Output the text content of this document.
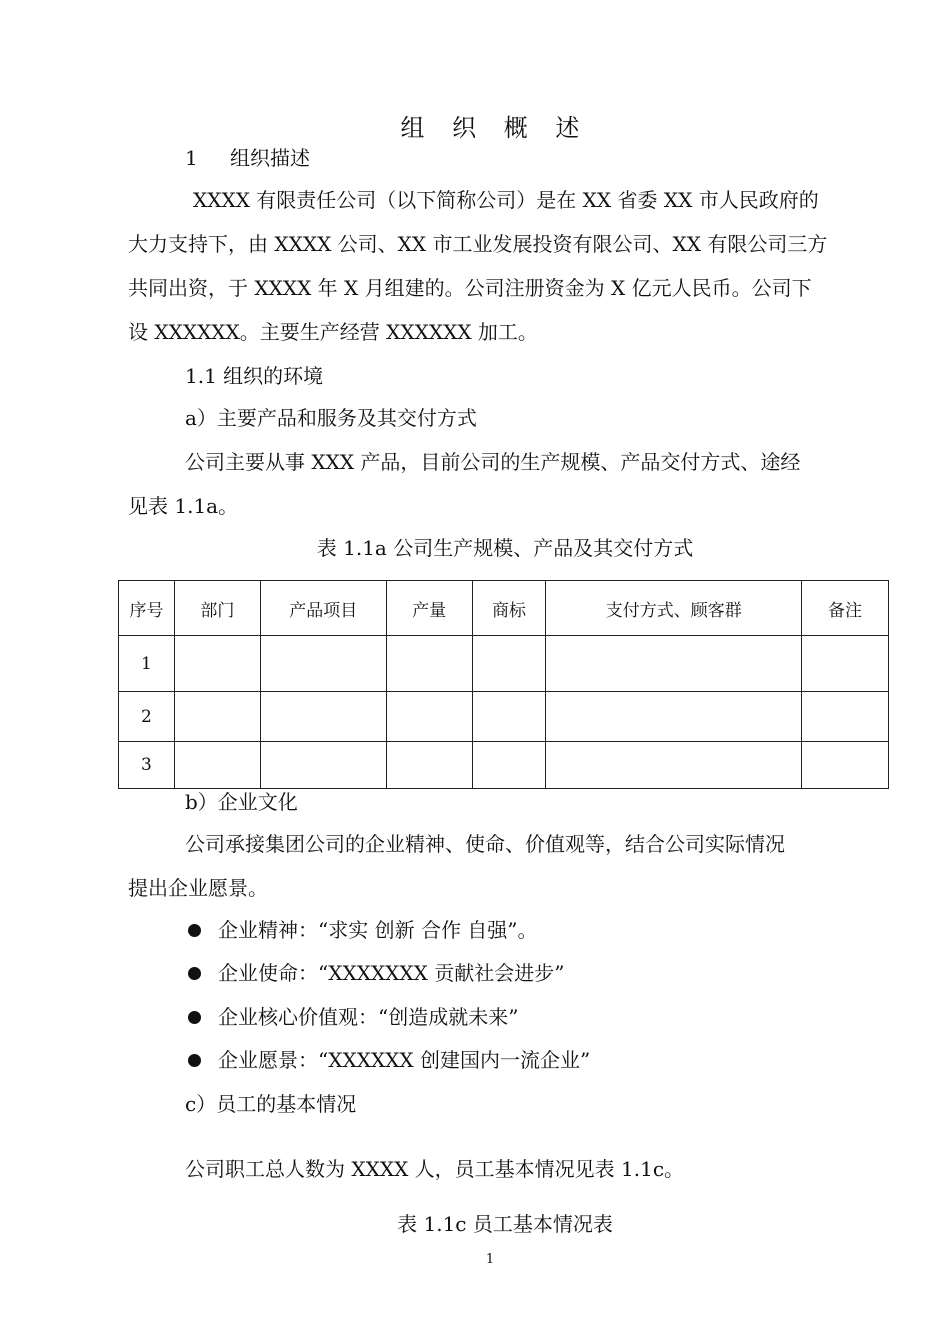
组 织 概 述
1 组织描述
XXXX 有限责任公司（以下简称公司）是在 XX 省委 XX 市人民政府的
大力支持下，由 XXXX 公司、XX 市工业发展投资有限公司、XX 有限公司三方
共同出资，于 XXXX 年 X 月组建的。公司注册资金为 X 亿元人民币。公司下
设 XXXXXX。主要生产经营 XXXXXX 加工。
1.1 组织的环境
a）主要产品和服务及其交付方式
公司主要从事 XXX 产品，目前公司的生产规模、产品交付方式、途经
见表 1.1a。
表 1.1a 公司生产规模、产品及其交付方式
序号	部门	产品项目	产量	商标	支付方式、顾客群	备注
1						
2						
3						
b）企业文化
公司承接集团公司的企业精神、使命、价值观等，结合公司实际情况
提出企业愿景。
企业精神：“求实 创新 合作 自强”。
企业使命：“XXXXXXX 贡献社会进步”
企业核心价值观：“创造成就未来”
企业愿景：“XXXXXX 创建国内一流企业”
c）员工的基本情况
公司职工总人数为 XXXX 人，员工基本情况见表 1.1c。
表 1.1c 员工基本情况表
1
